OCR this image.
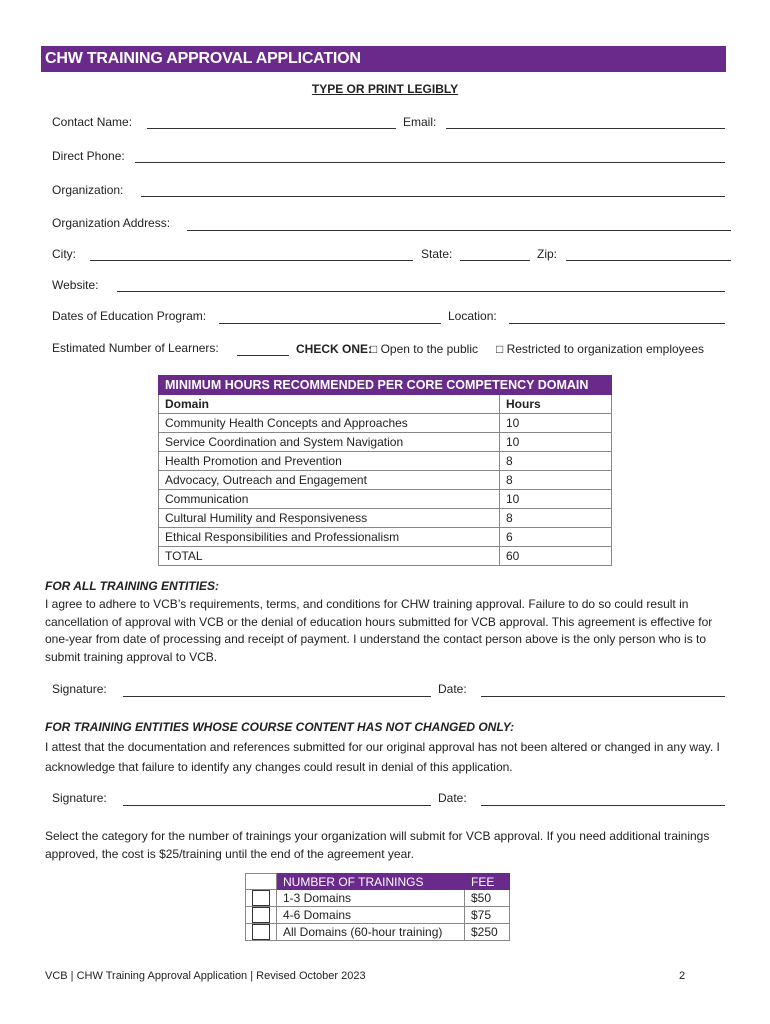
CHW TRAINING APPROVAL APPLICATION
TYPE OR PRINT LEGIBLY
Contact Name:	Email:
Direct Phone:
Organization:
Organization Address:
City:	State:	Zip:
Website:
Dates of Education Program:	Location:
Estimated Number of Learners:	CHECK ONE:
□ Open to the public □ Restricted to organization employees
MINIMUM HOURS RECOMMENDED PER CORE COMPETENCY DOMAIN	
Domain	Hours
Community Health Concepts and Approaches	10
Service Coordination and System Navigation	10
Health Promotion and Prevention	8
Advocacy, Outreach and Engagement	8
Communication	10
Cultural Humility and Responsiveness	8
Ethical Responsibilities and Professionalism	6
TOTAL	60
FOR ALL TRAINING ENTITIES:
I agree to adhere to VCB’s requirements, terms, and conditions for CHW training approval. Failure to do so could result in cancellation of approval with VCB or the denial of education hours submitted for VCB approval. This agreement is effective for one-year from date of processing and receipt of payment. I understand the contact person above is the only person who is to submit training approval to VCB.
Signature:	Date:
FOR TRAINING ENTITIES WHOSE COURSE CONTENT HAS NOT CHANGED ONLY:
I attest that the documentation and references submitted for our original approval has not been altered or changed in any way. I acknowledge that failure to identify any changes could result in denial of this application.
Signature:	Date:
Select the category for the number of trainings your organization will submit for VCB approval. If you need additional trainings approved, the cost is $25/training until the end of the agreement year.
	NUMBER OF TRAININGS	FEE
	1-3 Domains	$50
	4-6 Domains	$75
	All Domains (60-hour training)	$250
VCB | CHW Training Approval Application | Revised October 2023	2
